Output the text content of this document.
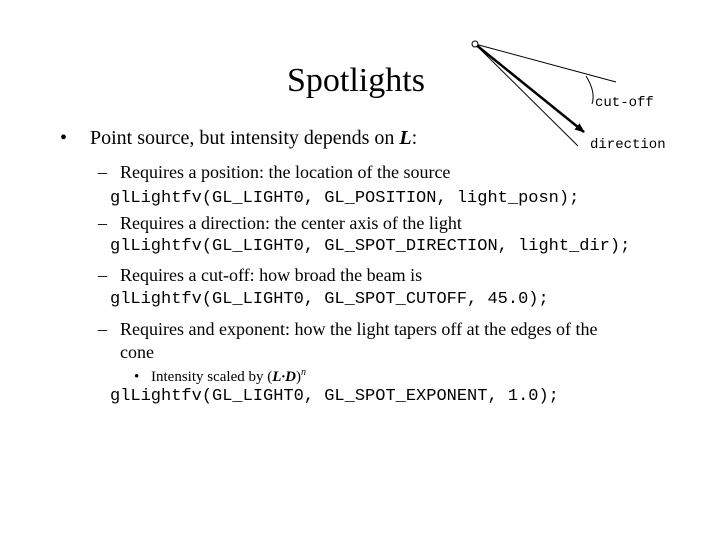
Spotlights
cut-off
direction
• Point source, but intensity depends on L:
– Requires a position: the location of the source
glLightfv(GL_LIGHT0, GL_POSITION, light_posn);
– Requires a direction: the center axis of the light
glLightfv(GL_LIGHT0, GL_SPOT_DIRECTION, light_dir);
– Requires a cut-off: how broad the beam is
glLightfv(GL_LIGHT0, GL_SPOT_CUTOFF, 45.0);
– Requires and exponent: how the light tapers off at the edges of the
cone
• Intensity scaled by $(L\cdot D)^n$
glLightfv(GL_LIGHT0, GL_SPOT_EXPONENT, 1.0);
